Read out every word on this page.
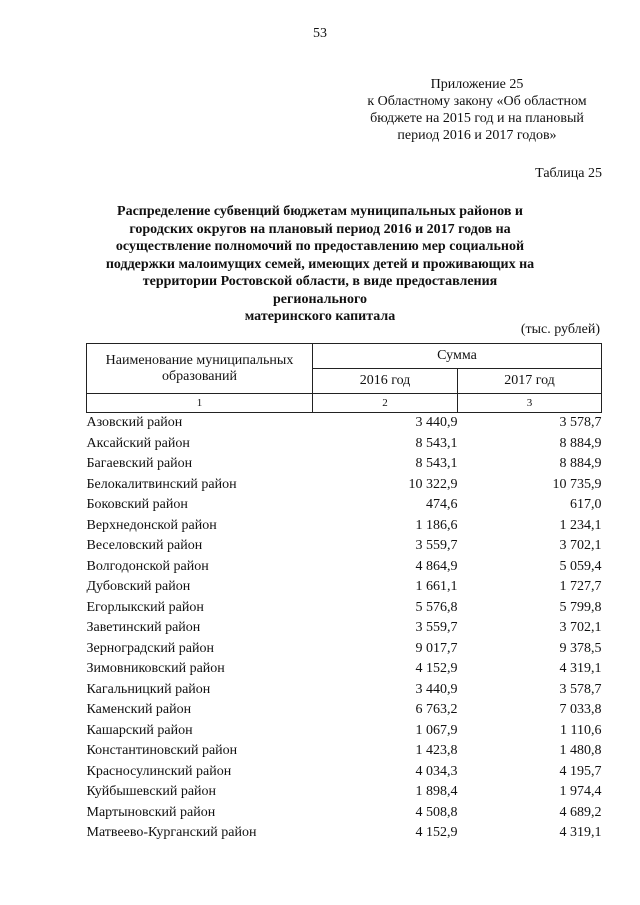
53
Приложение 25
к Областному закону «Об областном
бюджете на 2015 год и на плановый
период 2016 и 2017 годов»
Таблица 25
Распределение субвенций бюджетам муниципальных районов и
городских округов на плановый период 2016 и 2017 годов на
осуществление полномочий по предоставлению мер социальной
поддержки малоимущих семей, имеющих детей и проживающих на
территории Ростовской области, в виде предоставления регионального
материнского капитала
(тыс. рублей)
Наименование муниципальных
образований	Сумма	
	2016 год	2017 год
1	2	3
Азовский район	3 440,9	3 578,7
Аксайский район	8 543,1	8 884,9
Багаевский район	8 543,1	8 884,9
Белокалитвинский район	10 322,9	10 735,9
Боковский район	474,6	617,0
Верхнедонской район	1 186,6	1 234,1
Веселовский район	3 559,7	3 702,1
Волгодонской район	4 864,9	5 059,4
Дубовский район	1 661,1	1 727,7
Егорлыкский район	5 576,8	5 799,8
Заветинский район	3 559,7	3 702,1
Зерноградский район	9 017,7	9 378,5
Зимовниковский район	4 152,9	4 319,1
Кагальницкий район	3 440,9	3 578,7
Каменский район	6 763,2	7 033,8
Кашарский район	1 067,9	1 110,6
Константиновский район	1 423,8	1 480,8
Красносулинский район	4 034,3	4 195,7
Куйбышевский район	1 898,4	1 974,4
Мартыновский район	4 508,8	4 689,2
Матвеево-Курганский район	4 152,9	4 319,1
